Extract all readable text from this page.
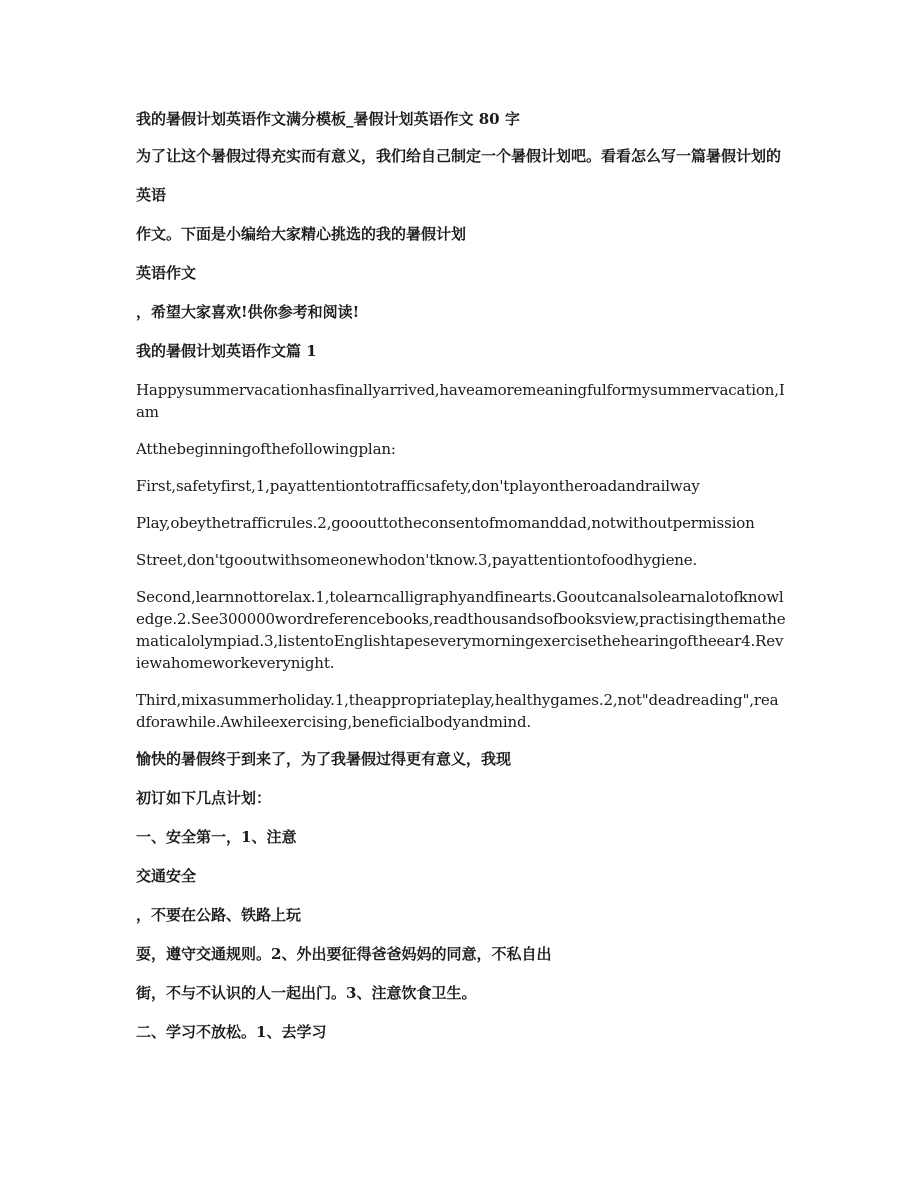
我的暑假计划英语作文满分模板_暑假计划英语作文 80 字

为了让这个暑假过得充实而有意义，我们给自己制定一个暑假计划吧。看看怎么写一篇暑假计划的

英语

作文。下面是小编给大家精心挑选的我的暑假计划

英语作文

，希望大家喜欢!供你参考和阅读!

我的暑假计划英语作文篇 1

Happysummervacationhasfinallyarrived,haveamoremeaningfulformysummervacation,Iam

Atthebeginningofthefollowingplan:

First,safetyfirst,1,payattentiontotrafficsafety,don'tplayontheroadandrailway

Play,obeythetrafficrules.2,gooouttotheconsentofmomanddad,notwithoutpermission

Street,don'tgooutwithsomeonewhodon'tknow.3,payattentiontofoodhygiene.

Second,learnnottorelax.1,tolearncalligraphyandfinearts.Gooutcanalsolearnalotofknowledge.2.See300000wordreferencebooks,readthousandsofbooksview,practisingthemathematicalolympiad.3,listentoEnglishtapeseverymorningexercisethehearingoftheear4.Reviewahomeworkeverynight.

Third,mixasummerholiday.1,theappropriateplay,healthygames.2,not"deadreading",readforawhile.Awhileexercising,beneficialbodyandmind.

愉快的暑假终于到来了，为了我暑假过得更有意义，我现

初订如下几点计划：

一、安全第一，1、注意

交通安全

，不要在公路、铁路上玩

耍，遵守交通规则。2、外出要征得爸爸妈妈的同意，不私自出

街，不与不认识的人一起出门。3、注意饮食卫生。

二、学习不放松。1、去学习
